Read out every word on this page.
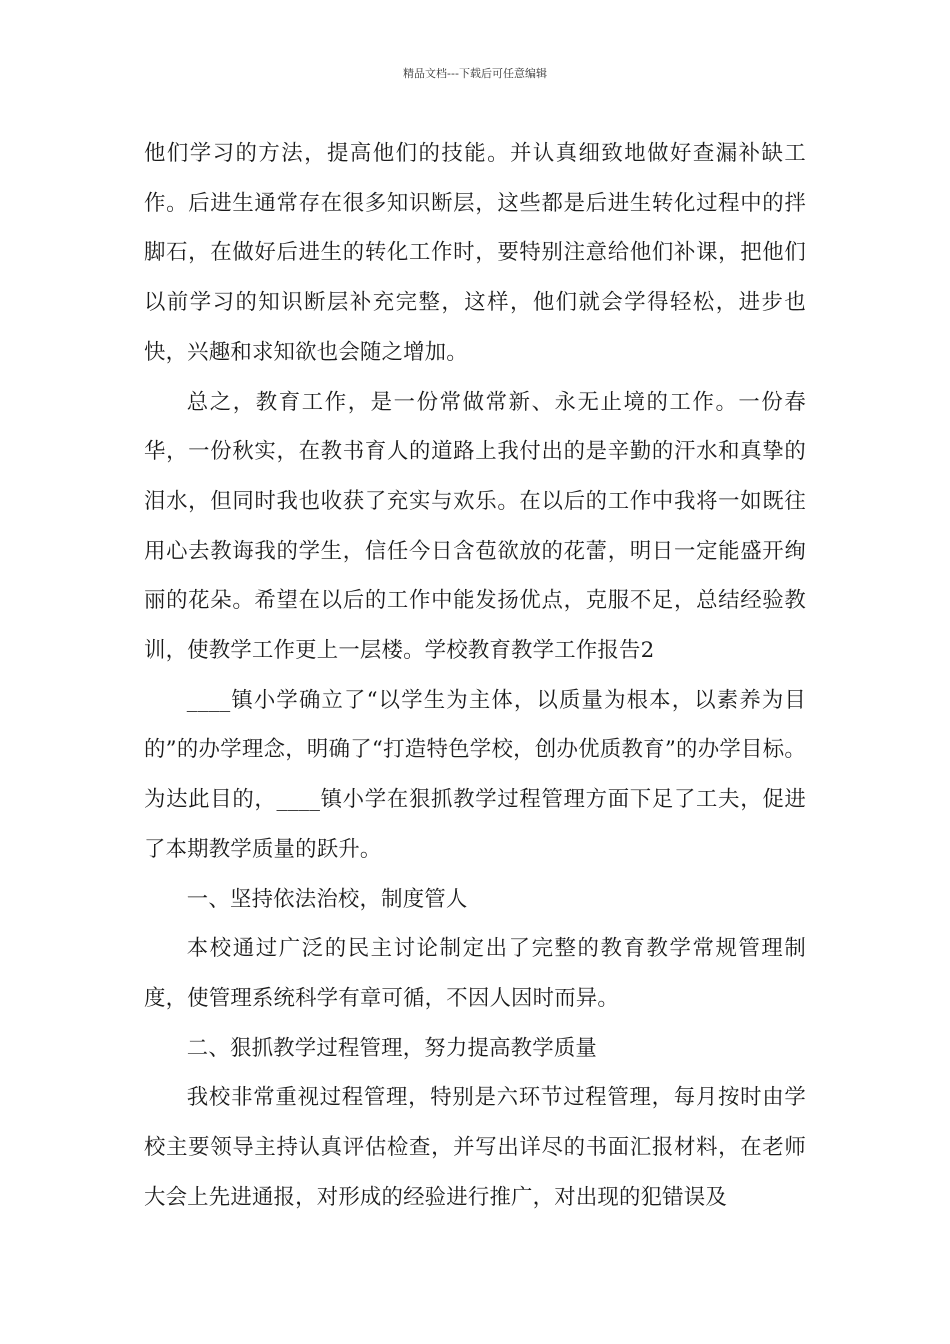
精品文档---下载后可任意编辑

他们学习的方法，提高他们的技能。并认真细致地做好查漏补缺工作。后进生通常存在很多知识断层，这些都是后进生转化过程中的拌脚石，在做好后进生的转化工作时，要特别注意给他们补课，把他们以前学习的知识断层补充完整，这样，他们就会学得轻松，进步也快，兴趣和求知欲也会随之增加。

总之，教育工作，是一份常做常新、永无止境的工作。一份春华，一份秋实，在教书育人的道路上我付出的是辛勤的汗水和真挚的泪水，但同时我也收获了充实与欢乐。在以后的工作中我将一如既往用心去教诲我的学生，信任今日含苞欲放的花蕾，明日一定能盛开绚丽的花朵。希望在以后的工作中能发扬优点，克服不足，总结经验教训，使教学工作更上一层楼。学校教育教学工作报告2

____镇小学确立了“以学生为主体，以质量为根本，以素养为目的”的办学理念，明确了“打造特色学校，创办优质教育”的办学目标。为达此目的，____镇小学在狠抓教学过程管理方面下足了工夫，促进了本期教学质量的跃升。

一、坚持依法治校，制度管人

本校通过广泛的民主讨论制定出了完整的教育教学常规管理制度，使管理系统科学有章可循，不因人因时而异。

二、狠抓教学过程管理，努力提高教学质量

我校非常重视过程管理，特别是六环节过程管理，每月按时由学校主要领导主持认真评估检查，并写出详尽的书面汇报材料，在老师大会上先进通报，对形成的经验进行推广，对出现的犯错误及
